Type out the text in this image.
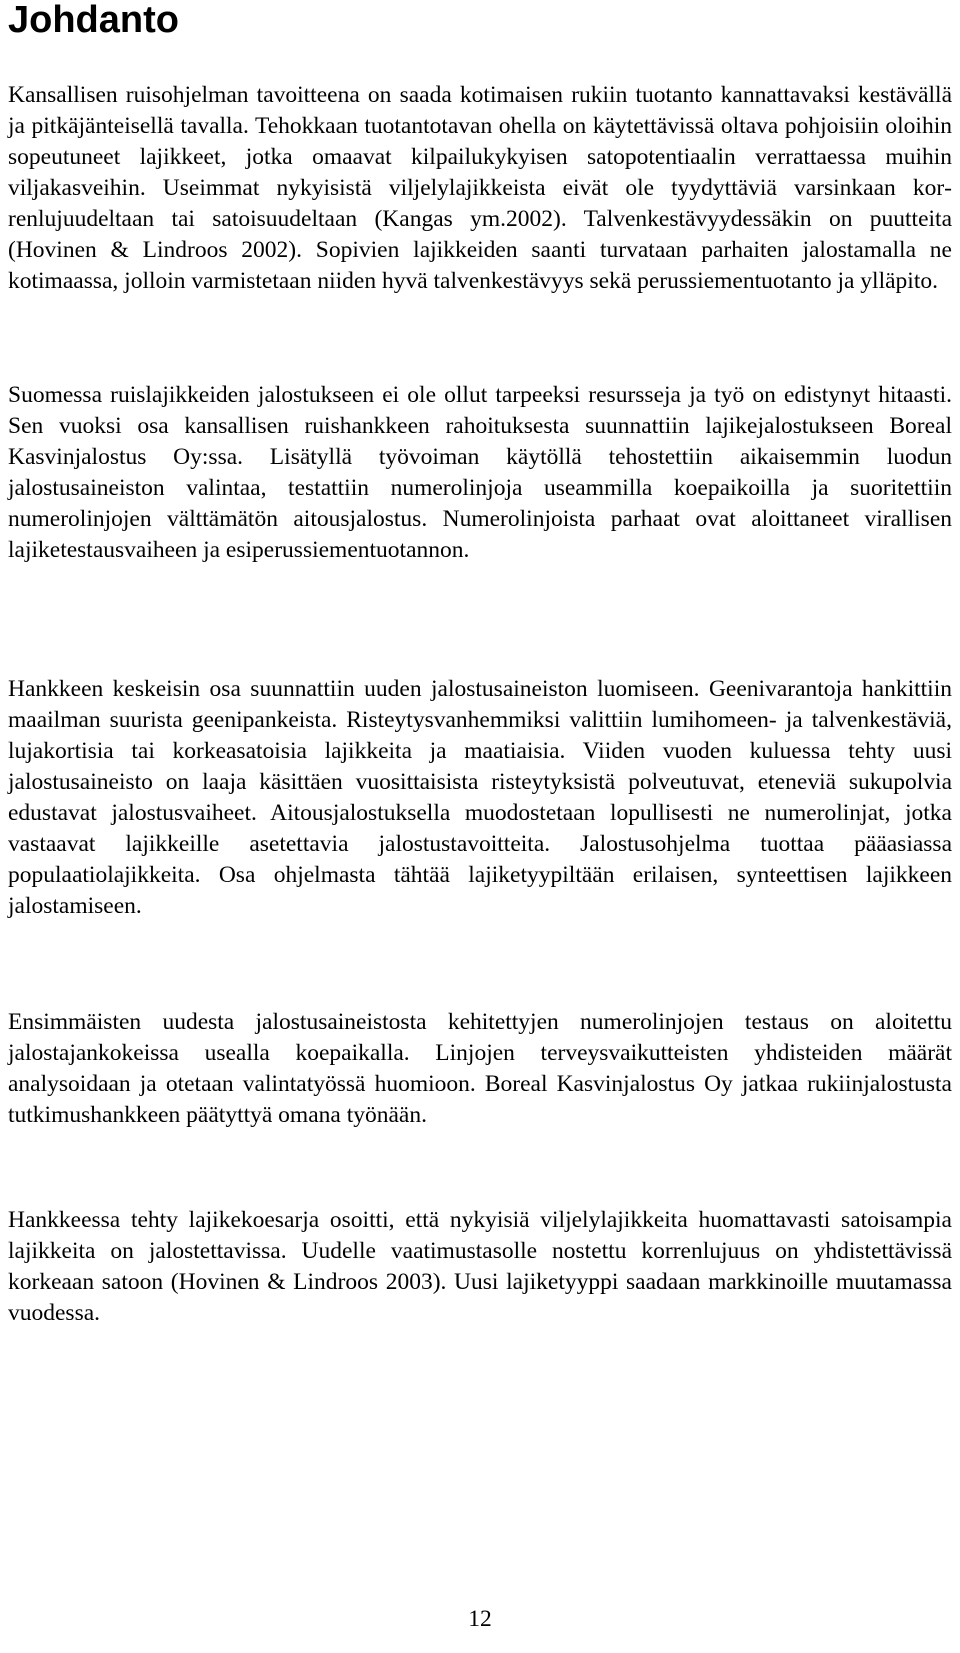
Johdanto

Kansallisen ruisohjelman tavoitteena on saada kotimaisen rukiin tuotanto kannattavaksi kestävällä ja pitkäjänteisellä tavalla. Tehokkaan tuotantotavan ohella on käytettävissä oltava pohjoisiin oloihin sopeutuneet lajikkeet, jotka omaavat kilpailukykyisen satopotentiaalin verrattaessa muihin viljakasveihin. Useimmat nykyisistä viljelylajikkeista eivät ole tyydyttäviä varsinkaan korrenlujuudeltaan tai satoisuudeltaan (Kangas ym.2002). Talvenkestävyydessäkin on puutteita (Hovinen & Lindroos 2002). Sopivien lajikkeiden saanti turvataan parhaiten jalostamalla ne kotimaassa, jolloin varmistetaan niiden hyvä talvenkestävyys sekä perussiementuotanto ja ylläpito.

Suomessa ruislajikkeiden jalostukseen ei ole ollut tarpeeksi resursseja ja työ on edistynyt hitaasti. Sen vuoksi osa kansallisen ruishankkeen rahoituksesta suunnattiin lajikejalostukseen Boreal Kasvinjalostus Oy:ssa. Lisätyllä työvoiman käytöllä tehostettiin aikaisemmin luodun jalostusaineiston valintaa, testattiin numerolinjoja useammilla koepaikoilla ja suoritettiin numerolinjojen välttämätön aitousjalostus. Numerolinjoista parhaat ovat aloittaneet virallisen lajiketestausvaiheen ja esiperussiementuotannon.

Hankkeen keskeisin osa suunnattiin uuden jalostusaineiston luomiseen. Geenivarantoja hankittiin maailman suurista geenipankeista. Risteytysvanhemmiksi valittiin lumihomeen- ja talvenkestäviä, lujakortisia tai korkeasatoisia lajikkeita ja maatiaisia. Viiden vuoden kuluessa tehty uusi jalostusaineisto on laaja käsittäen vuosittaisista risteytyksistä polveutuvat, eteneviä sukupolvia edustavat jalostusvaiheet. Aitousjalostuksella muodostetaan lopullisesti ne numerolinjat, jotka vastaavat lajikkeille asetettavia jalostustavoitteita. Jalostusohjelma tuottaa pääasiassa populaatiolajikkeita. Osa ohjelmasta tähtää lajiketyypiltään erilaisen, synteettisen lajikkeen jalostamiseen.

Ensimmäisten uudesta jalostusaineistosta kehitettyjen numerolinjojen testaus on aloitettu jalostajankokeissa usealla koepaikalla. Linjojen terveysvaikutteisten yhdisteiden määrät analysoidaan ja otetaan valintatyössä huomioon. Boreal Kasvinjalostus Oy jatkaa rukiinjalostusta tutkimushankkeen päätyttyä omana työnään.

Hankkeessa tehty lajikekoesarja osoitti, että nykyisiä viljelylajikkeita huomattavasti satoisampia lajikkeita on jalostettavissa. Uudelle vaatimustasolle nostettu korrenlujuus on yhdistettävissä korkeaan satoon (Hovinen & Lindroos 2003). Uusi lajiketyyppi saadaan markkinoille muutamassa vuodessa.

12
